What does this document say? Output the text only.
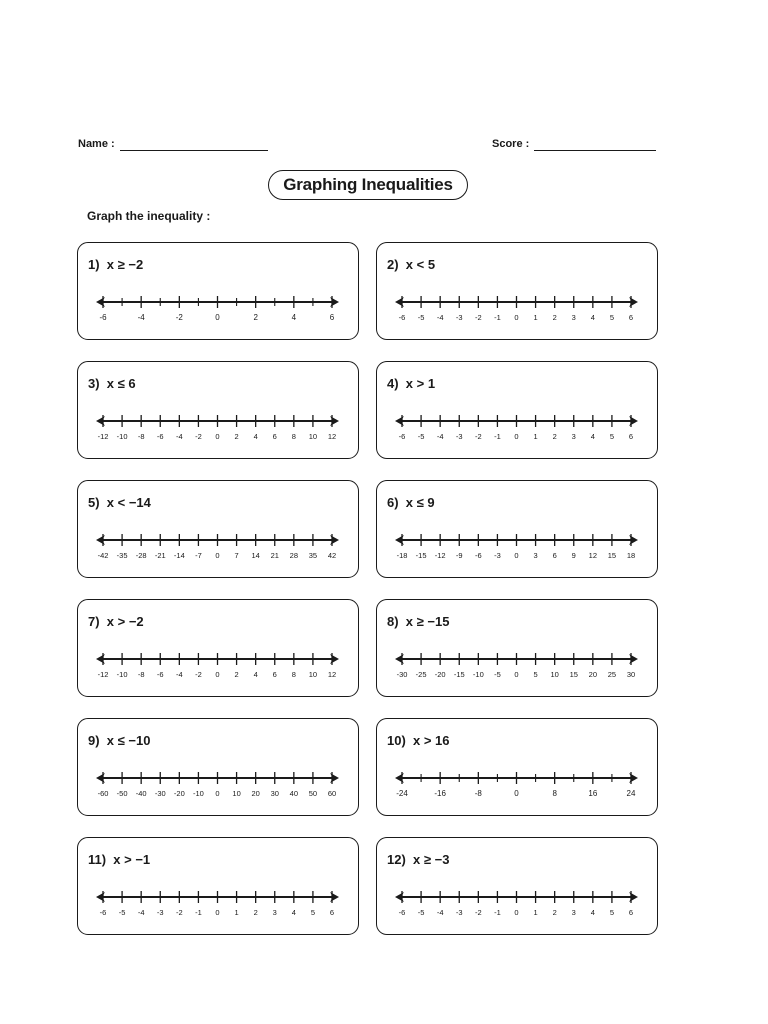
Name :	Score :
Graphing Inequalities
Graph the inequality :
1)  x ≥ −2
-6	-4	-2	0	2	4	6
2)  x < 5
-6 -5 -4 -3 -2 -1 0 1 2 3 4 5 6
3)  x ≤ 6
-12 -10 -8 -6 -4 -2 0 2 4 6 8 10 12
4)  x > 1
-6 -5 -4 -3 -2 -1 0 1 2 3 4 5 6
5)  x < −14
-42 -35 -28 -21 -14 -7 0 7 14 21 28 35 42
6)  x ≤ 9
-18 -15 -12 -9 -6 -3 0 3 6 9 12 15 18
7)  x > −2
-12 -10 -8 -6 -4 -2 0 2 4 6 8 10 12
8)  x ≥ −15
-30 -25 -20 -15 -10 -5 0 5 10 15 20 25 30
9)  x ≤ −10
-60 -50 -40 -30 -20 -10 0 10 20 30 40 50 60
10)  x > 16
-24	-16	-8	0	8	16	24
11)  x > −1
-6 -5 -4 -3 -2 -1 0 1 2 3 4 5 6
12)  x ≥ −3
-6 -5 -4 -3 -2 -1 0 1 2 3 4 5 6
